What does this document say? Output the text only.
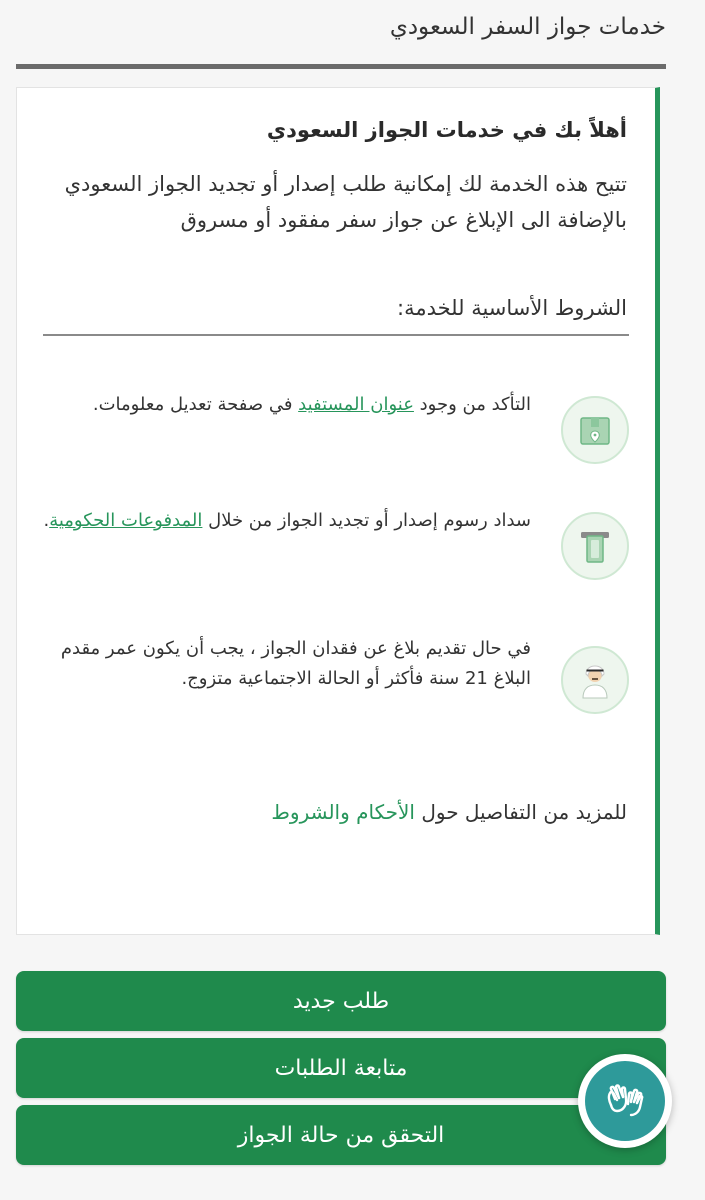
خدمات جواز السفر السعودي
أهلاً بك في خدمات الجواز السعودي
تتيح هذه الخدمة لك إمكانية طلب إصدار أو تجديد الجواز السعودي بالإضافة الى الإبلاغ عن جواز سفر مفقود أو مسروق
الشروط الأساسية للخدمة:
التأكد من وجود عنوان المستفيد في صفحة تعديل معلومات.
سداد رسوم إصدار أو تجديد الجواز من خلال المدفوعات الحكومية.
في حال تقديم بلاغ عن فقدان الجواز ، يجب أن يكون عمر مقدم البلاغ 21 سنة فأكثر أو الحالة الاجتماعية متزوج.
للمزيد من التفاصيل حول الأحكام والشروط
طلب جديد
متابعة الطلبات
التحقق من حالة الجواز
